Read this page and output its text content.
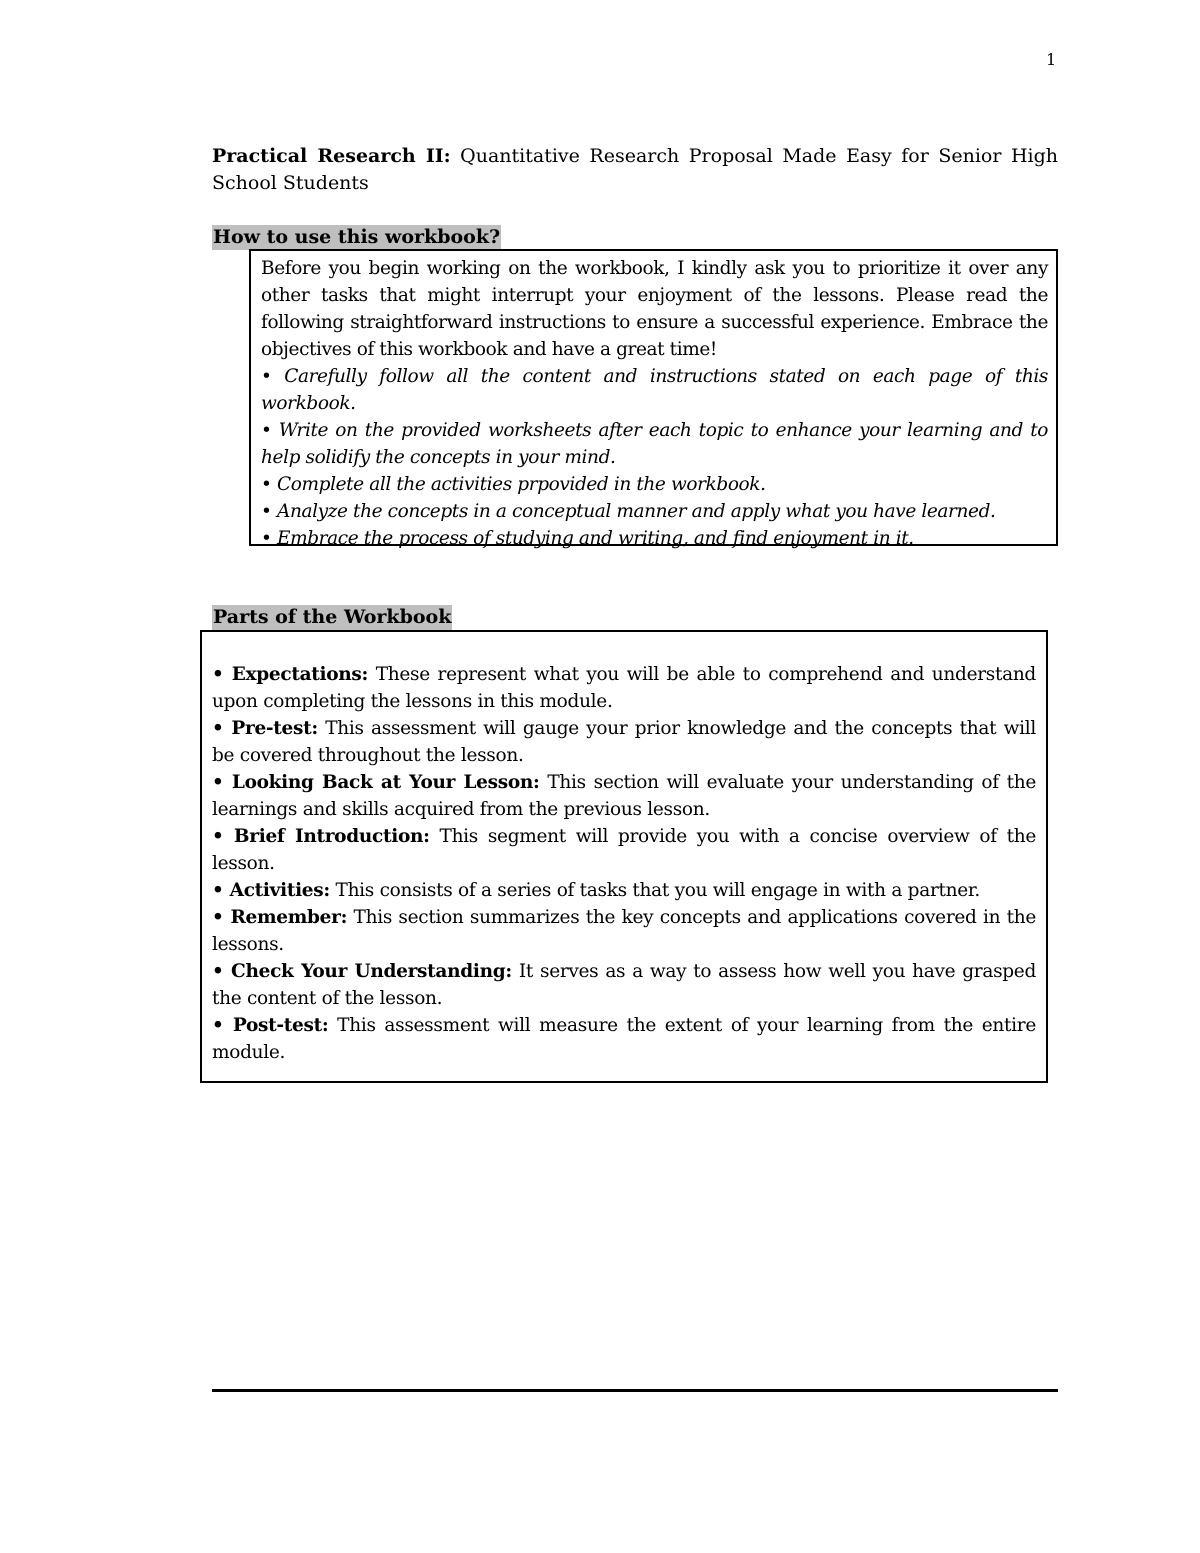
1
Practical Research II: Quantitative Research Proposal Made Easy for Senior High School Students
How to use this workbook?

Before you begin working on the workbook, I kindly ask you to prioritize it over any other tasks that might interrupt your enjoyment of the lessons. Please read the following straightforward instructions to ensure a successful experience. Embrace the objectives of this workbook and have a great time!

• Carefully follow all the content and instructions stated on each page of this workbook.
• Write on the provided worksheets after each topic to enhance your learning and to help solidify the concepts in your mind.
• Complete all the activities prpovided in the workbook.
• Analyze the concepts in a conceptual manner and apply what you have learned.
• Embrace the process of studying and writing, and find enjoyment in it.
Parts of the Workbook
• Expectations: These represent what you will be able to comprehend and understand upon completing the lessons in this module.
• Pre-test: This assessment will gauge your prior knowledge and the concepts that will be covered throughout the lesson.
• Looking Back at Your Lesson: This section will evaluate your understanding of the learnings and skills acquired from the previous lesson.
• Brief Introduction: This segment will provide you with a concise overview of the lesson.
• Activities: This consists of a series of tasks that you will engage in with a partner.
• Remember: This section summarizes the key concepts and applications covered in the lessons.
• Check Your Understanding: It serves as a way to assess how well you have grasped the content of the lesson.
• Post-test: This assessment will measure the extent of your learning from the entire module.
